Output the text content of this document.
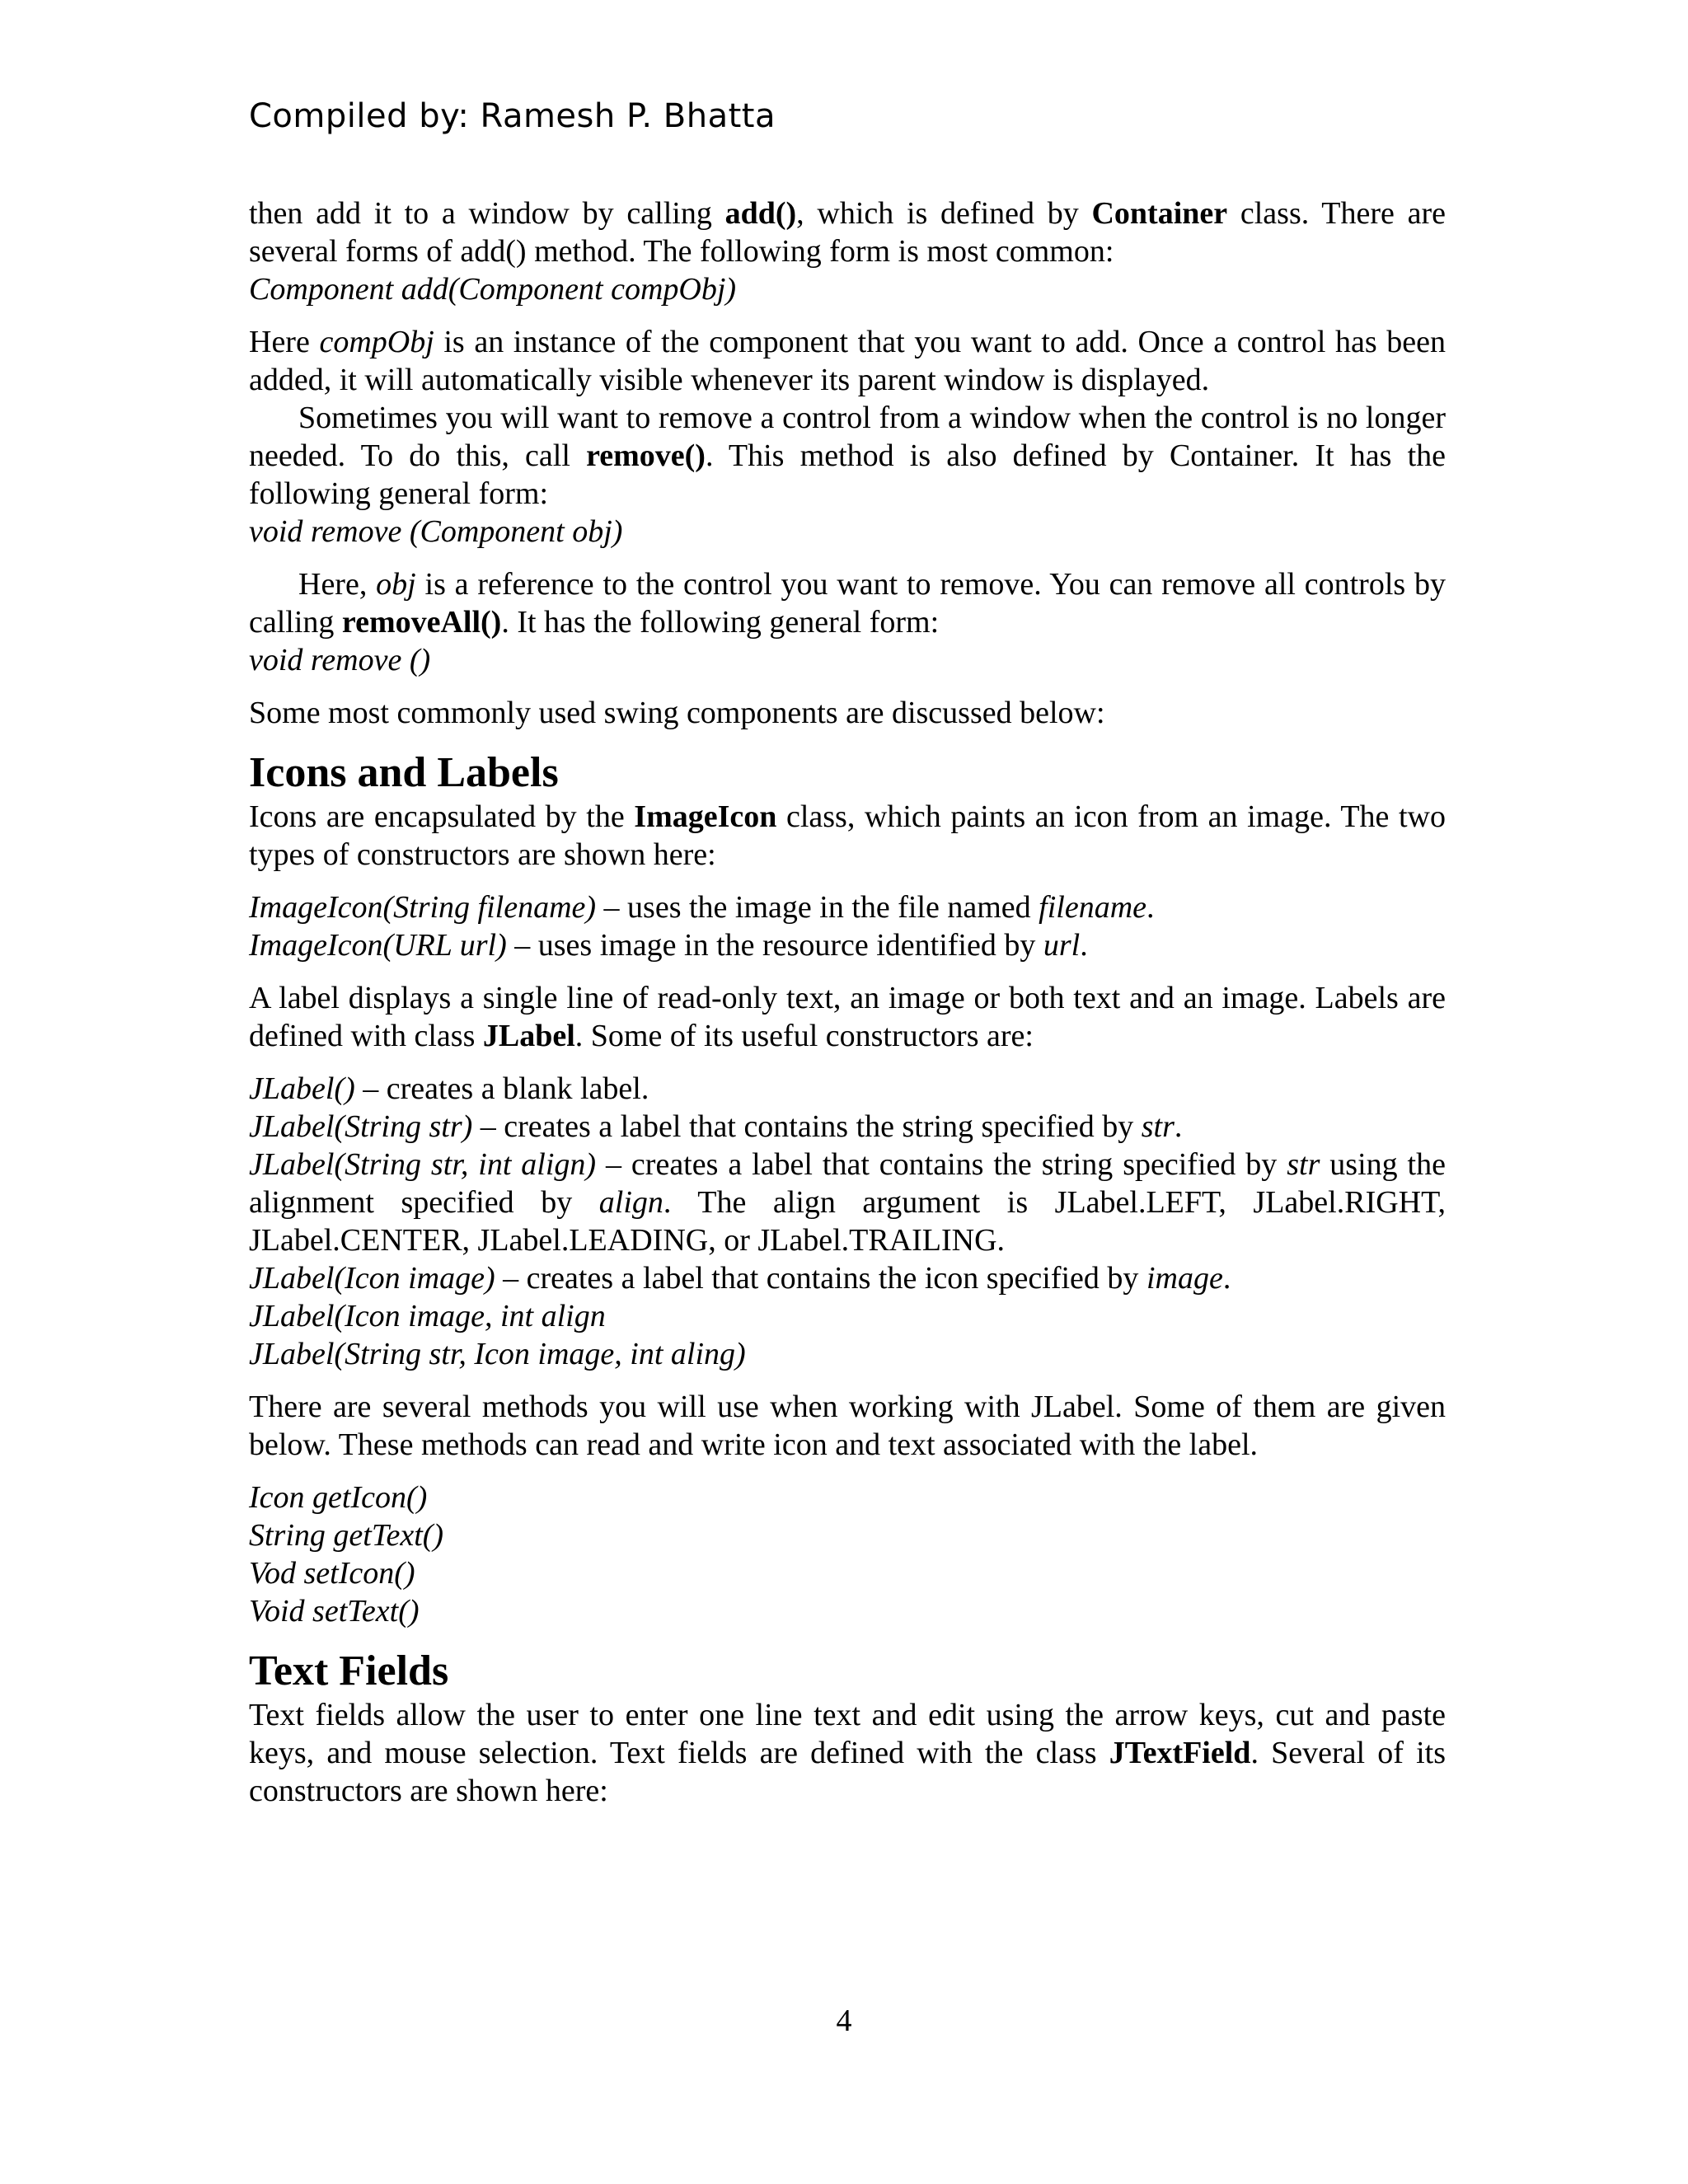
Compiled by: Ramesh P. Bhatta

then add it to a window by calling add(), which is defined by Container class. There are several forms of add() method. The following form is most common:

Component add(Component compObj)

Here compObj is an instance of the component that you want to add. Once a control has been added, it will automatically visible whenever its parent window is displayed.

Sometimes you will want to remove a control from a window when the control is no longer needed. To do this, call remove(). This method is also defined by Container. It has the following general form:

void remove (Component obj)

Here, obj is a reference to the control you want to remove. You can remove all controls by calling removeAll(). It has the following general form:

void remove ()

Some most commonly used swing components are discussed below:

Icons and Labels

Icons are encapsulated by the ImageIcon class, which paints an icon from an image. The two types of constructors are shown here:

ImageIcon(String filename) – uses the image in the file named filename.

ImageIcon(URL url) – uses image in the resource identified by url.

A label displays a single line of read-only text, an image or both text and an image. Labels are defined with class JLabel. Some of its useful constructors are:

JLabel() – creates a blank label.

JLabel(String str) – creates a label that contains the string specified by str.

JLabel(String str, int align) – creates a label that contains the string specified by str using the alignment specified by align. The align argument is JLabel.LEFT, JLabel.RIGHT, JLabel.CENTER, JLabel.LEADING, or JLabel.TRAILING.

JLabel(Icon image) – creates a label that contains the icon specified by image.

JLabel(Icon image, int align

JLabel(String str, Icon image, int aling)

There are several methods you will use when working with JLabel. Some of them are given below. These methods can read and write icon and text associated with the label.

Icon getIcon()

String getText()

Vod setIcon()

Void setText()

Text Fields

Text fields allow the user to enter one line text and edit using the arrow keys, cut and paste keys, and mouse selection. Text fields are defined with the class JTextField. Several of its constructors are shown here:

4
